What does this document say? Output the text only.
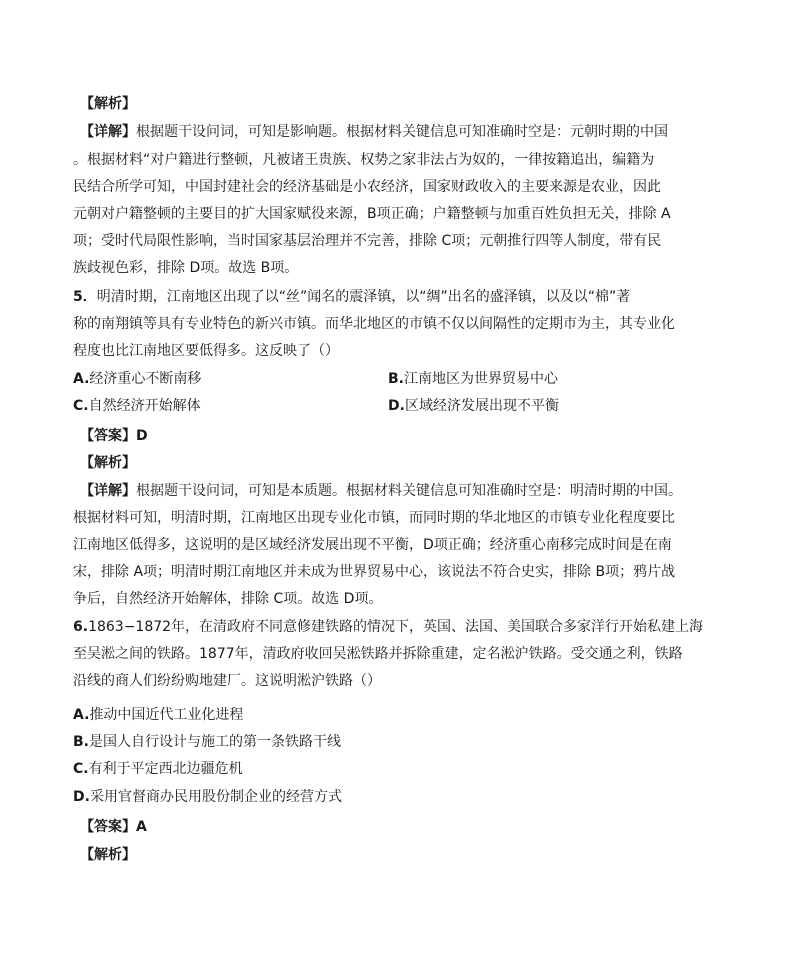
【解析】
【详解】根据题干设问词，可知是影响题。根据材料关键信息可知准确时空是：元朝时期的中国
。根据材料“对户籍进行整顿，凡被诸王贵族、权势之家非法占为奴的，一律按籍追出，编籍为
民结合所学可知，中国封建社会的经济基础是小农经济，国家财政收入的主要来源是农业，因此
元朝对户籍整顿的主要目的扩大国家赋役来源，B项正确；户籍整顿与加重百姓负担无关，排除 A
项；受时代局限性影响，当时国家基层治理并不完善，排除 C项；元朝推行四等人制度，带有民
族歧视色彩，排除 D项。故选 B项。
5．明清时期，江南地区出现了以“丝”闻名的震泽镇，以“绸”出名的盛泽镇，以及以“棉”著
称的南翔镇等具有专业特色的新兴市镇。而华北地区的市镇不仅以间隔性的定期市为主，其专业化
程度也比江南地区要低得多。这反映了（）
A.经济重心不断南移	B.江南地区为世界贸易中心
C.自然经济开始解体	D.区域经济发展出现不平衡
【答案】D
【解析】
【详解】根据题干设问词，可知是本质题。根据材料关键信息可知准确时空是：明清时期的中国。
根据材料可知，明清时期，江南地区出现专业化市镇，而同时期的华北地区的市镇专业化程度要比
江南地区低得多，这说明的是区域经济发展出现不平衡，D项正确；经济重心南移完成时间是在南
宋，排除 A项；明清时期江南地区并未成为世界贸易中心，该说法不符合史实，排除 B项；鸦片战
争后，自然经济开始解体，排除 C项。故选 D项。
6.1863−1872年，在清政府不同意修建铁路的情况下，英国、法国、美国联合多家洋行开始私建上海
至吴淞之间的铁路。1877年，清政府收回吴淞铁路并拆除重建，定名淞沪铁路。受交通之利，铁路
沿线的商人们纷纷购地建厂。这说明淞沪铁路（）
A.推动中国近代工业化进程
B.是国人自行设计与施工的第一条铁路干线
C.有利于平定西北边疆危机
D.采用官督商办民用股份制企业的经营方式
【答案】A
【解析】
